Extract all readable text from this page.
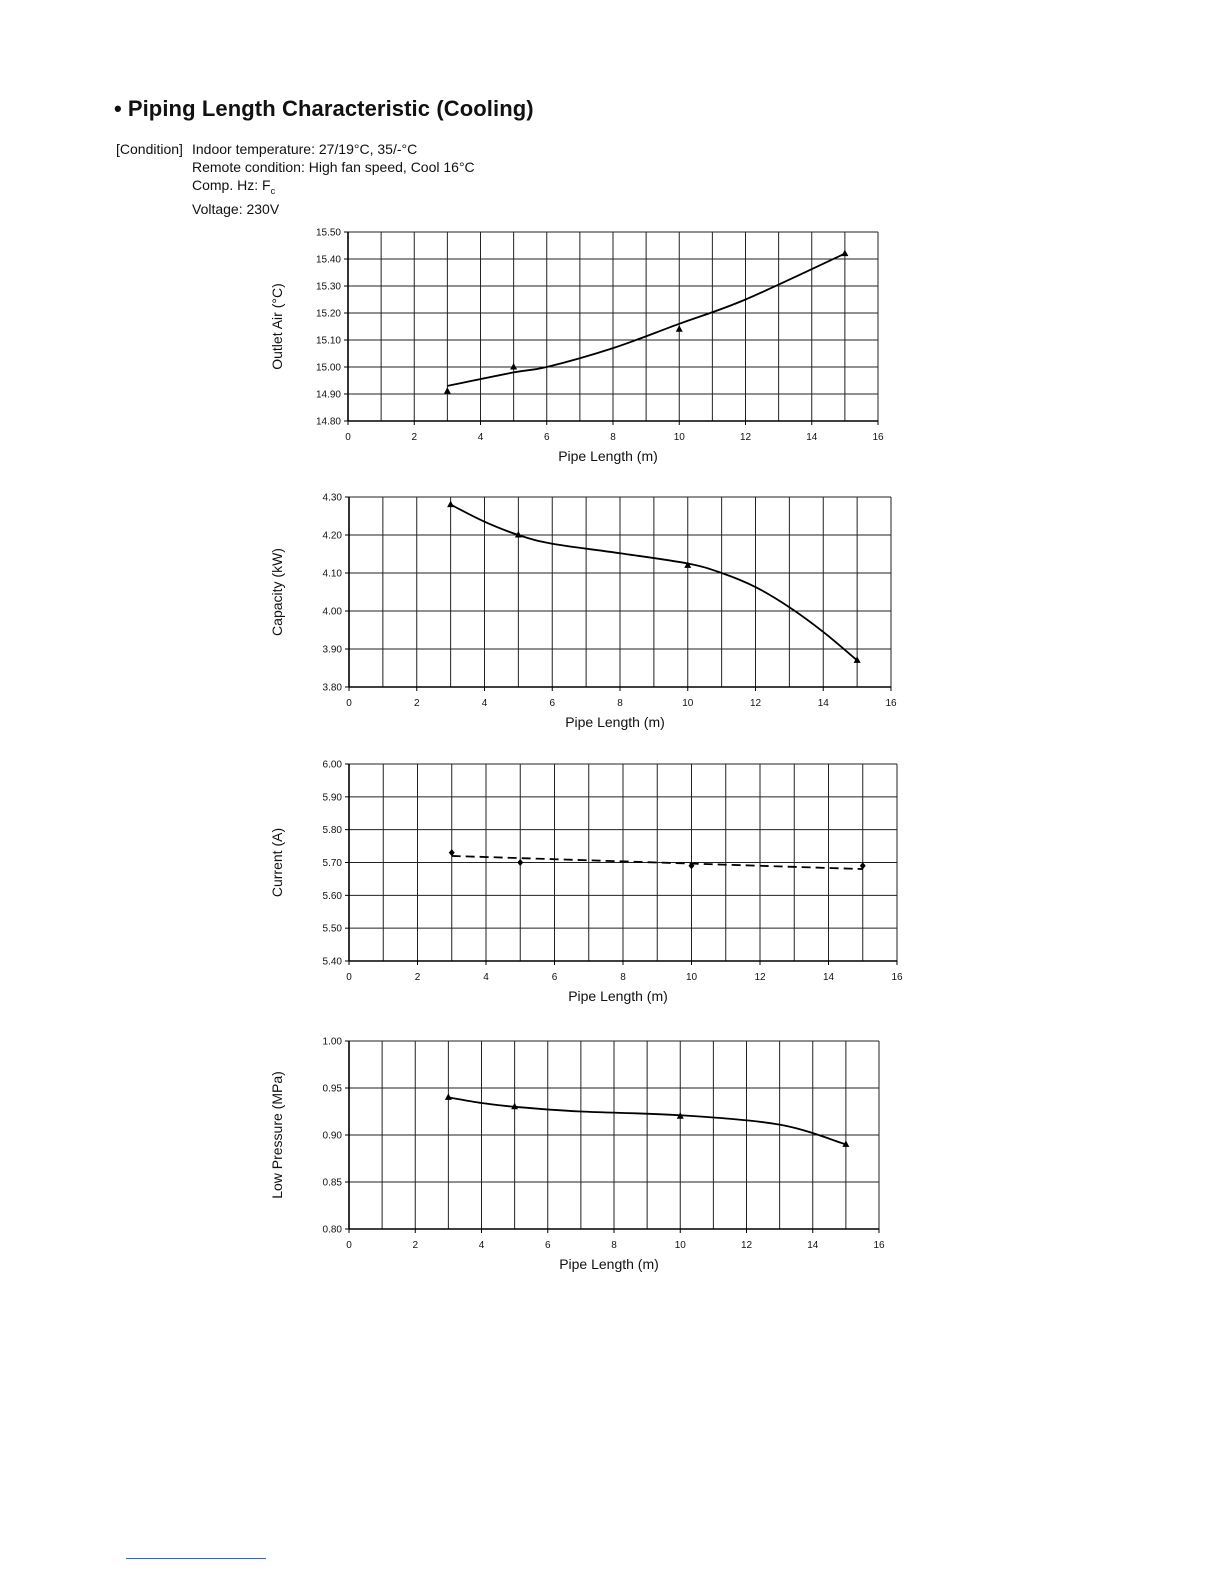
• Piping Length Characteristic (Cooling)
[Condition] Indoor temperature: 27/19°C, 35/-°C
Remote condition: High fan speed, Cool 16°C
Comp. Hz: $F_c$
Voltage: 230V
14.80
14.90
15.00
15.10
15.20
15.30
15.40
15.50
0	2	4	6	8	10	12	14	16
Pipe Length (m)
Outlet Air (°C)
3.80
3.90
4.00
4.10
4.20
4.30
0	2	4	6	8	10	12	14	16
Pipe Length (m)
Capacity (kW)
5.40
5.50
5.60
5.70
5.80
5.90
6.00
0	2	4	6	8	10	12	14	16
Pipe Length (m)
Current (A)
0.80
0.85
0.90
0.95
1.00
0	2	4	6	8	10	12	14	16
Pipe Length (m)
Low Pressure (MPa)
